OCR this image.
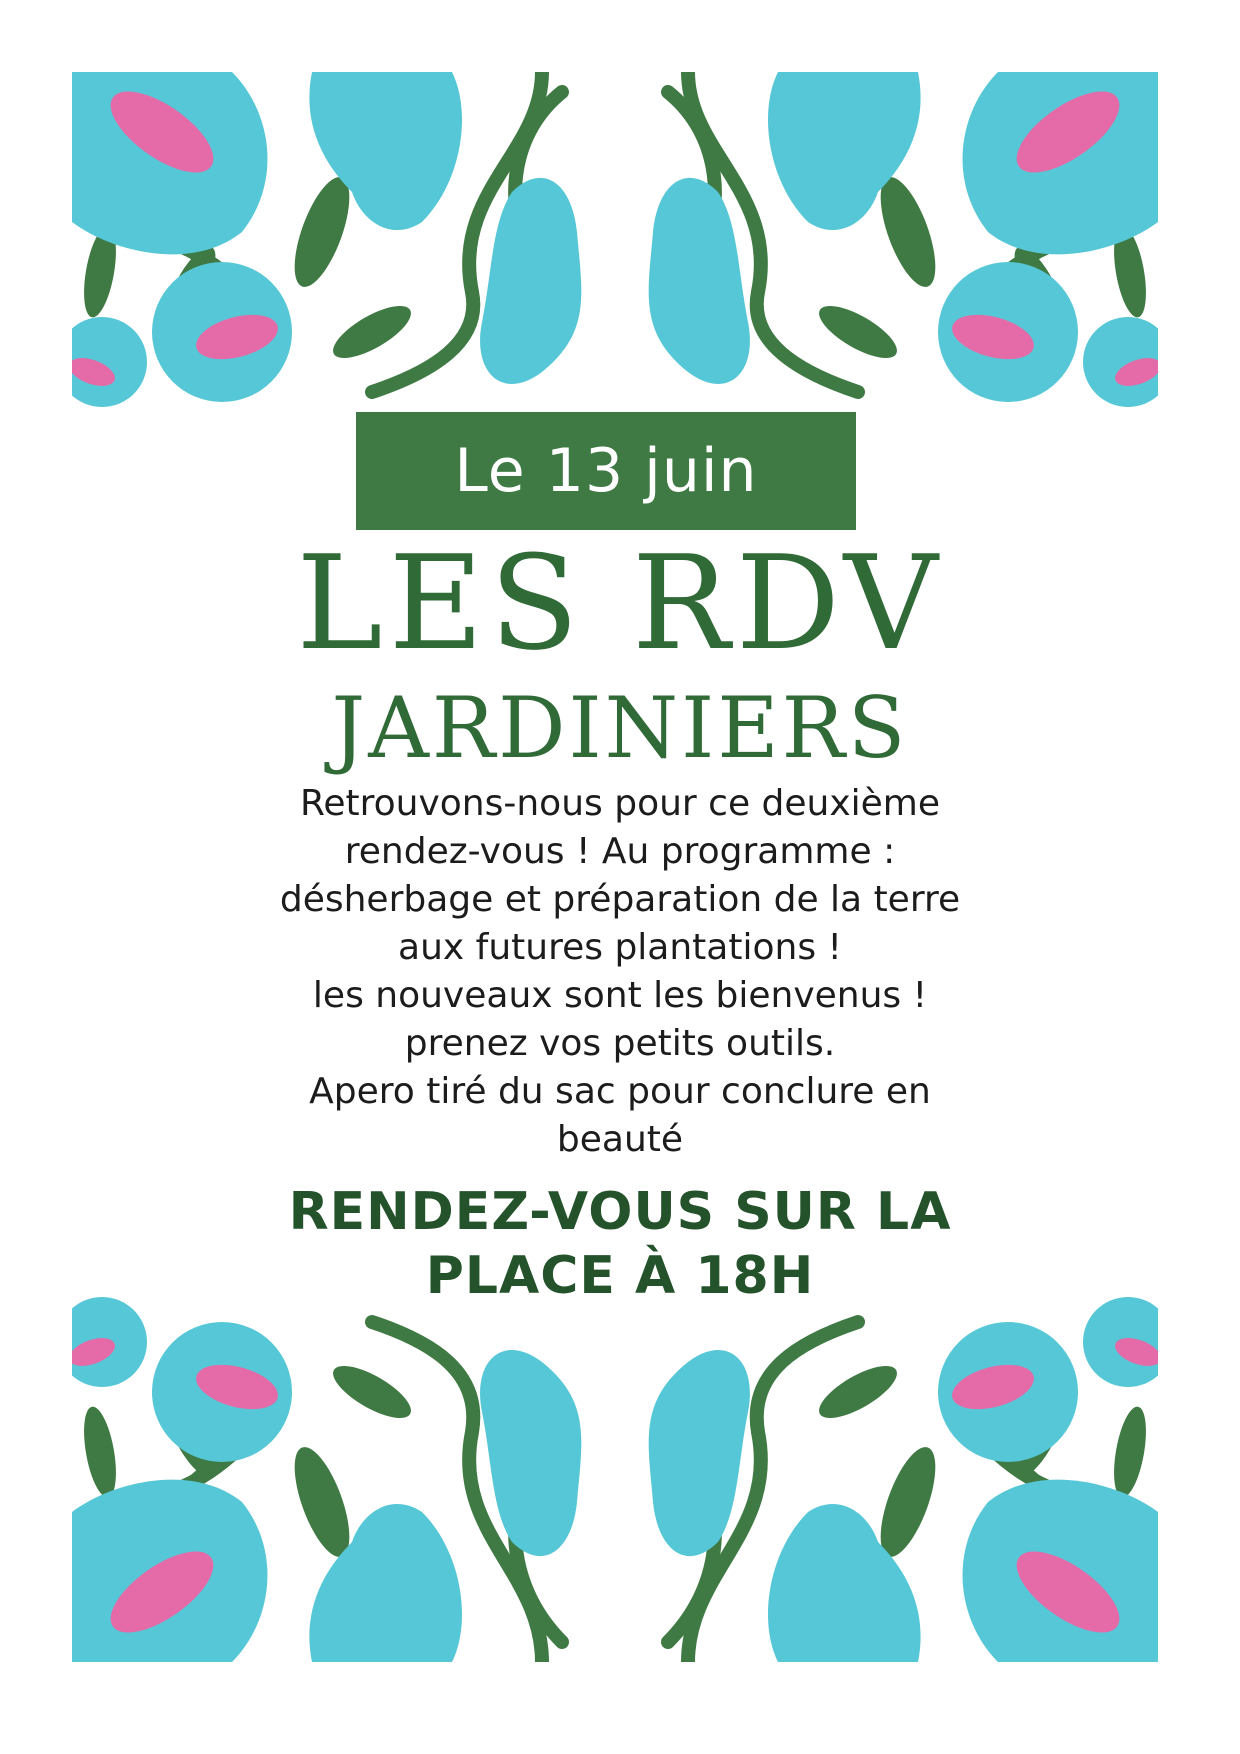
Le 13 juin
LES RDV
JARDINIERS
Retrouvons-nous pour ce deuxième
rendez-vous ! Au programme :
désherbage et préparation de la terre
aux futures plantations !
les nouveaux sont les bienvenus !
prenez vos petits outils.
Apero tiré du sac pour conclure en
beauté
RENDEZ-VOUS SUR LA
PLACE À 18H
